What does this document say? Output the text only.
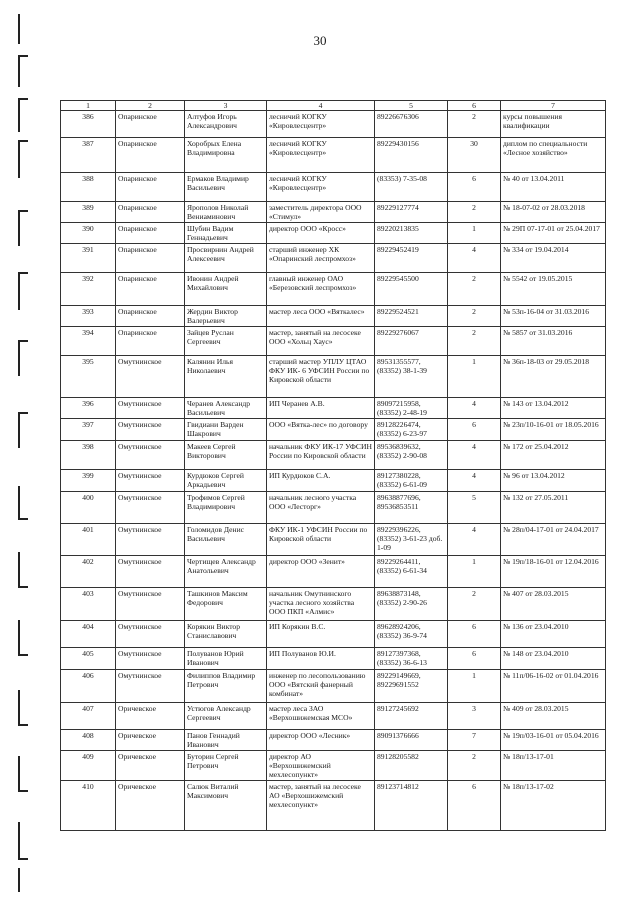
30
1	2	3	4	5	6	7
386	Опаринское	Алтуфов Игорь Александрович	лесничий КОГКУ «Кировлесцентр»	89226676306	2	курсы повышения квалификации
387	Опаринское	Хоробрых Елена Владимировна	лесничий КОГКУ «Кировлесцентр»	89229430156	30	диплом по специальности «Лесное хозяйство»
388	Опаринское	Ермаков Владимир Васильевич	лесничий КОГКУ «Кировлесцентр»	(83353) 7-35-08	6	№ 40 от 13.04.2011
389	Опаринское	Ярополов Николай Вениаминович	заместитель директора ООО «Стимул»	89229127774	2	№ 18-07-02 от 28.03.2018
390	Опаринское	Шубин Вадим Геннадьевич	директор ООО «Кросс»	89220213835	1	№ 29П 07-17-01 от 25.04.2017
391	Опаринское	Просвирнин Андрей Алексеевич	старший инженер ХК «Опаринский леспромхоз»	89229452419	4	№ 334 от 19.04.2014
392	Опаринское	Ивонин Андрей Михайлович	главный инженер ОАО «Березовский леспромхоз»	89229545500	2	№ 5542 от 19.05.2015
393	Опаринское	Жердин Виктор Валерьевич	мастер леса ООО «Вяткалес»	89229524521	2	№ 53п-16-04 от 31.03.2016
394	Опаринское	Зайцев Руслан Сергеевич	мастер, занятый на лесосеке ООО «Хольц Хаус»	89229276067	2	№ 5857 от 31.03.2016
395	Омутнинское	Калянин Илья Николаевич	старший мастер УПЛУ ЦТАО ФКУ ИК- 6 УФСИН России по Кировской области	89531355577, (83352) 38-1-39	1	№ 36п-18-03 от 29.05.2018
396	Омутнинское	Черанев Александр Васильевич	ИП Черанев А.В.	89097215958, (83352) 2-48-19	4	№ 143 от 13.04.2012
397	Омутнинское	Гвидиани Варден Шакрович	ООО «Вятка-лес» по договору	89128226474, (83352) 6-23-97	6	№ 23п/10-16-01 от 18.05.2016
398	Омутнинское	Макеев Сергей Викторович	начальник ФКУ ИК-17 УФСИН России по Кировской области	89536839632, (83352) 2-90-08	4	№ 172 от 25.04.2012
399	Омутнинское	Курдюков Сергей Аркадьевич	ИП Курдюков С.А.	89127380228, (83352) 6-61-09	4	№ 96 от 13.04.2012
400	Омутнинское	Трофимов Сергей Владимирович	начальник лесного участка ООО «Лесторг»	89638877696, 89536853511	5	№ 132 от 27.05.2011
401	Омутнинское	Голомидов Денис Васильевич	ФКУ ИК-1 УФСИН России по Кировской области	89229396226, (83352) 3-61-23 доб. 1-09	4	№ 28п/04-17-01 от 24.04.2017
402	Омутнинское	Чертищев Александр Анатольевич	директор ООО «Зенит»	89229264411, (83352) 6-61-34	1	№ 19п/18-16-01 от 12.04.2016
403	Омутнинское	Ташкинов Максим Федорович	начальник Омутнинского участка лесного хозяйства ООО ПКП «Алмис»	89638873148, (83352) 2-90-26	2	№ 407 от 28.03.2015
404	Омутнинское	Корякин Виктор Станиславович	ИП Корякин В.С.	89628924206, (83352) 36-9-74	6	№ 136 от 23.04.2010
405	Омутнинское	Полуванов Юрий Иванович	ИП Полуванов Ю.И.	89127397368, (83352) 36-6-13	6	№ 148 от 23.04.2010
406	Омутнинское	Филиппов Владимир Петрович	инженер по лесопользованию ООО «Вятский фанерный комбинат»	89229149669, 89229691552	1	№ 11п/06-16-02 от 01.04.2016
407	Оричевское	Устюгов Александр Сергеевич	мастер леса ЗАО «Верхошижемская МСО»	89127245692	3	№ 409 от 28.03.2015
408	Оричевское	Панов Геннадий Иванович	директор ООО «Лесник»	89091376666	7	№ 19п/03-16-01 от 05.04.2016
409	Оричевское	Буторин Сергей Петрович	директор АО «Верхошижемский мехлесопункт»	89128205582	2	№ 18п/13-17-01
410	Оричевское	Салюк Виталий Максимович	мастер, занятый на лесосеке АО «Верхошижемский мехлесопункт»	89123714812	6	№ 18п/13-17-02
